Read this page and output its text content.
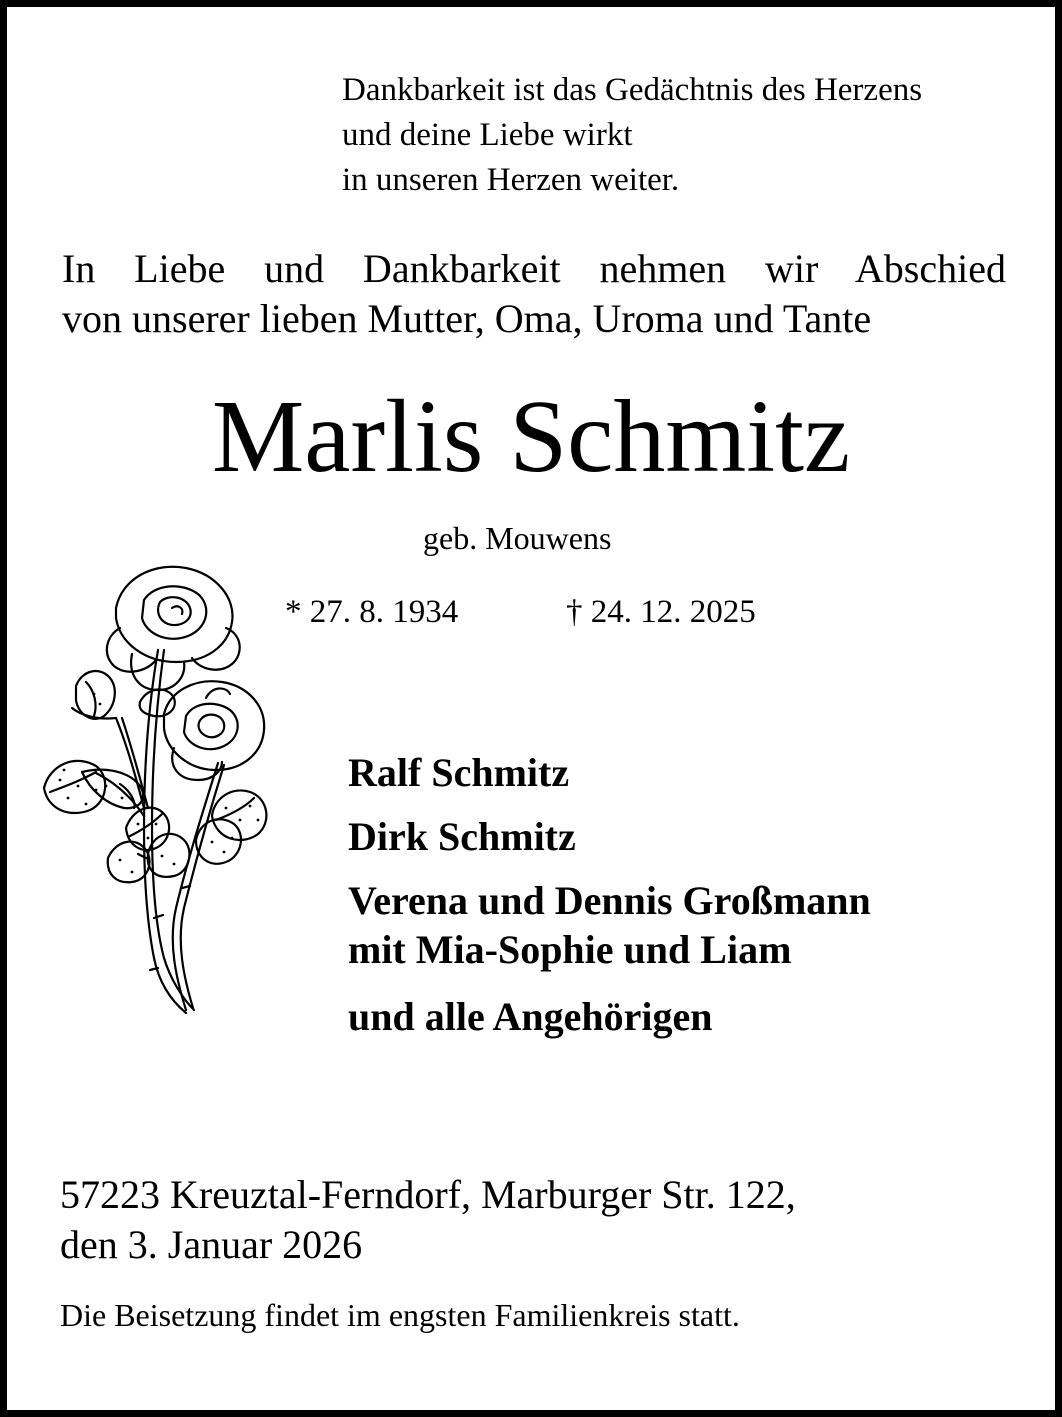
Dankbarkeit ist das Gedächtnis des Herzens
und deine Liebe wirkt
in unseren Herzen weiter.
In Liebe und Dankbarkeit nehmen wir Abschied
von unserer lieben Mutter, Oma, Uroma und Tante
Marlis Schmitz
geb. Mouwens
* 27. 8. 1934	† 24. 12. 2025
Ralf Schmitz
Dirk Schmitz
Verena und Dennis Großmann
mit Mia-Sophie und Liam
und alle Angehörigen
57223 Kreuztal-Ferndorf, Marburger Str. 122,
den 3. Januar 2026
Die Beisetzung findet im engsten Familienkreis statt.
